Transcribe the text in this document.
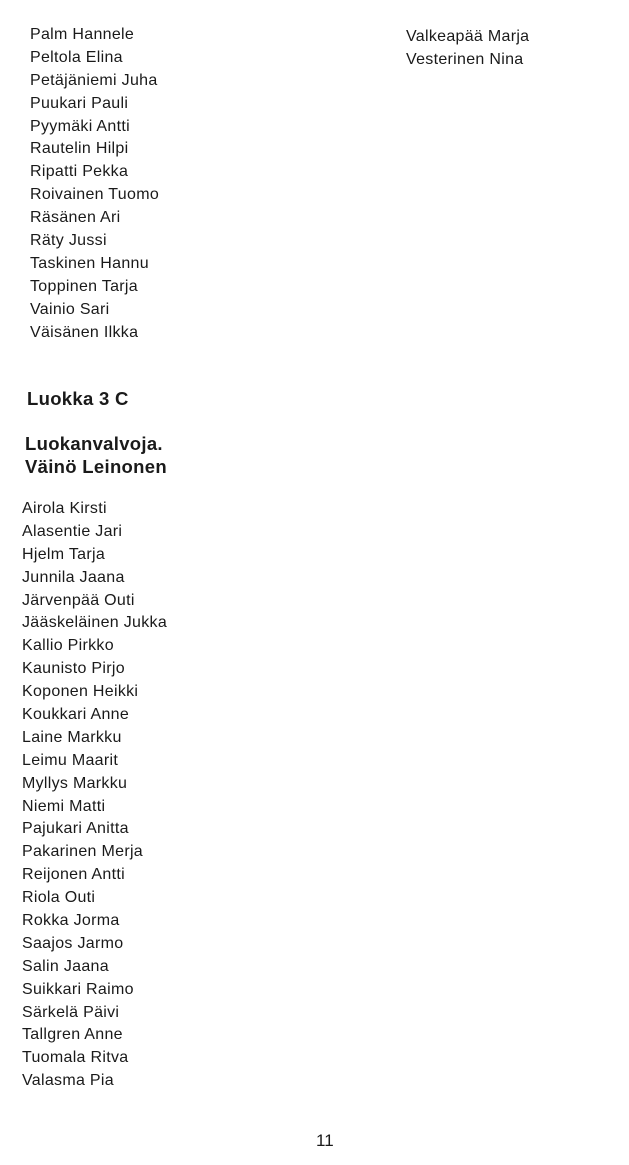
Palm Hannele
Peltola Elina
Petäjäniemi Juha
Puukari Pauli
Pyymäki Antti
Rautelin Hilpi
Ripatti Pekka
Roivainen Tuomo
Räsänen Ari
Räty Jussi
Taskinen Hannu
Toppinen Tarja
Vainio Sari
Väisänen Ilkka
Valkeapää Marja
Vesterinen Nina
Luokka 3 C
Luokanvalvoja.
Väinö Leinonen
Airola Kirsti
Alasentie Jari
Hjelm Tarja
Junnila Jaana
Järvenpää Outi
Jääskeläinen Jukka
Kallio Pirkko
Kaunisto Pirjo
Koponen Heikki
Koukkari Anne
Laine Markku
Leimu Maarit
Myllys Markku
Niemi Matti
Pajukari Anitta
Pakarinen Merja
Reijonen Antti
Riola Outi
Rokka Jorma
Saajos Jarmo
Salin Jaana
Suikkari Raimo
Särkelä Päivi
Tallgren Anne
Tuomala Ritva
Valasma Pia
11
